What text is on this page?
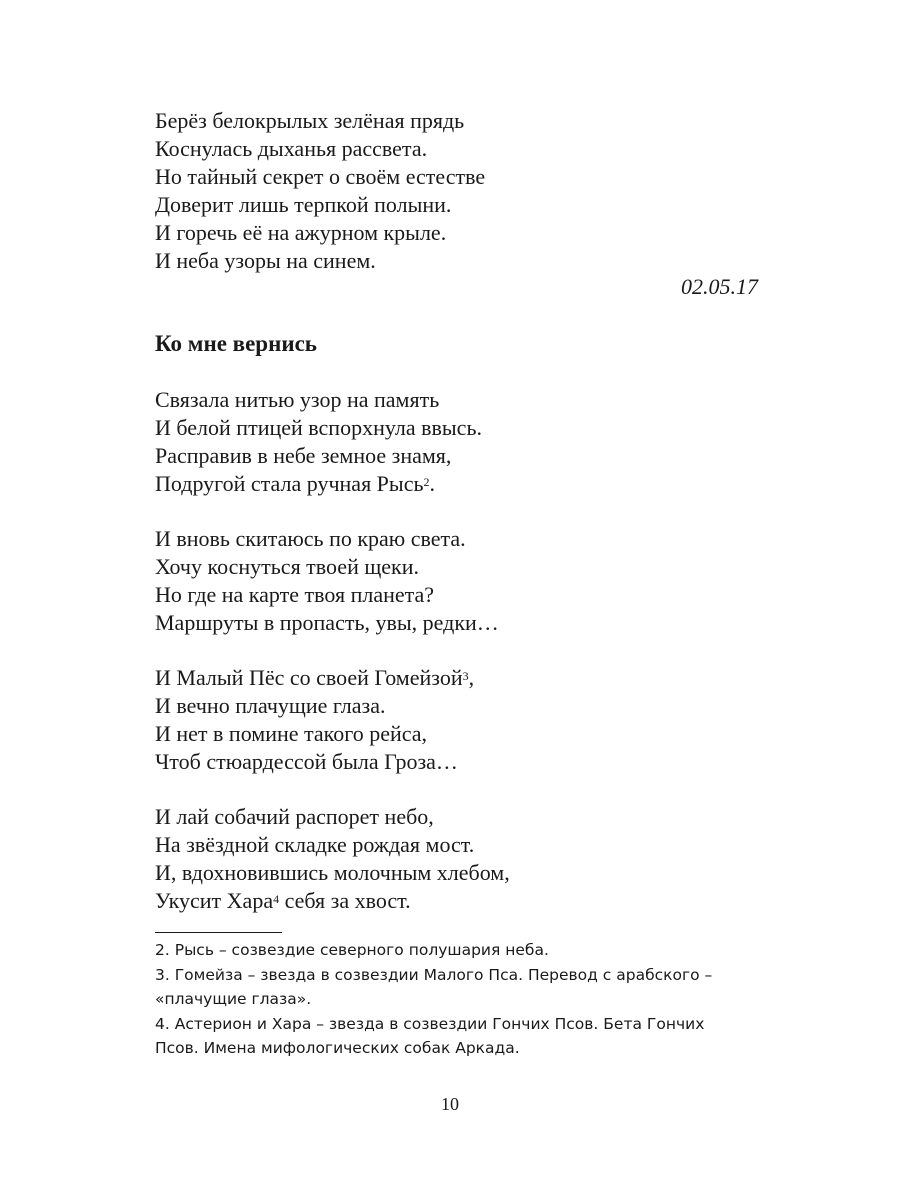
Берёз белокрылых зелёная прядь
Коснулась дыханья рассвета.
Но тайный секрет о своём естестве
Доверит лишь терпкой полыни.
И горечь её на ажурном крыле.
И неба узоры на синем.
02.05.17
Ко мне вернись
Связала нитью узор на память
И белой птицей вспорхнула ввысь.
Расправив в небе земное знамя,
Подругой стала ручная Рысь$^2$.
И вновь скитаюсь по краю света.
Хочу коснуться твоей щеки.
Но где на карте твоя планета?
Маршруты в пропасть, увы, редки…
И Малый Пёс со своей Гомейзой$^3$,
И вечно плачущие глаза.
И нет в помине такого рейса,
Чтоб стюардессой была Гроза…
И лай собачий распорет небо,
На звёздной складке рождая мост.
И, вдохновившись молочным хлебом,
Укусит Хара$^4$ себя за хвост.
2. Рысь – созвездие северного полушария неба.
3. Гомейза – звезда в созвездии Малого Пса. Перевод с арабского –
«плачущие глаза».
4. Астерион и Хара – звезда в созвездии Гончих Псов. Бета Гончих
Псов. Имена мифологических собак Аркада.
10
